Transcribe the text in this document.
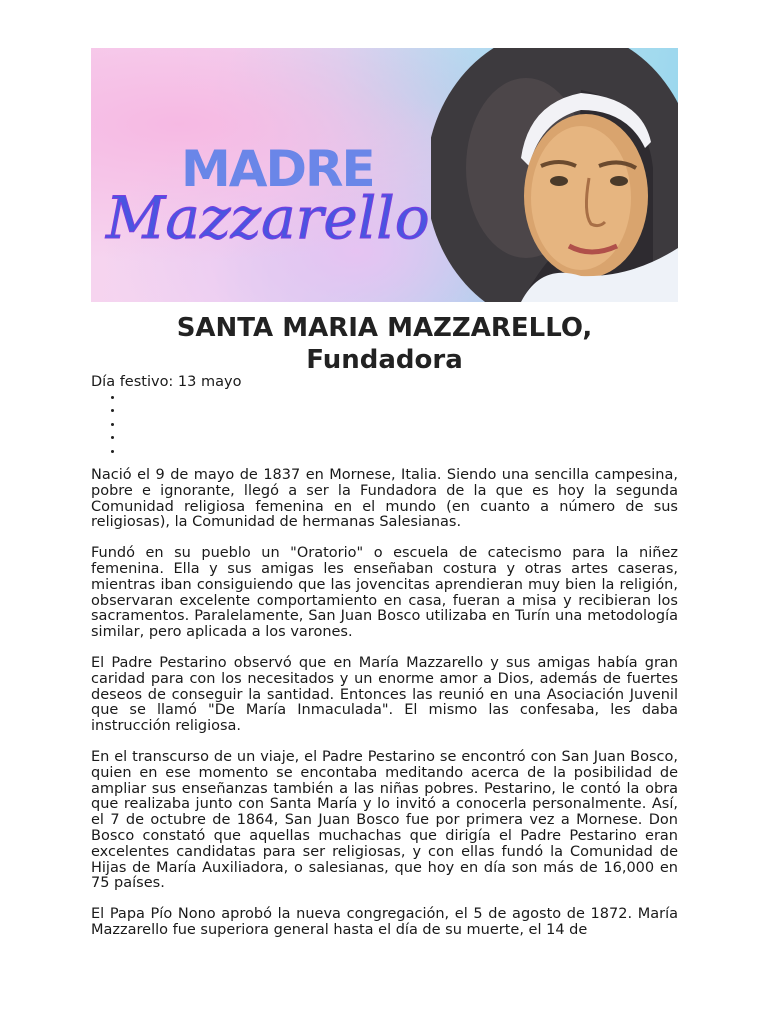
MADRE
Mazzarello
SANTA MARIA MAZZARELLO,
Fundadora
Día festivo: 13 mayo

Nació el 9 de mayo de 1837 en Mornese, Italia. Siendo una sencilla campesina, pobre e ignorante, llegó a ser la Fundadora de la que es hoy la segunda Comunidad religiosa femenina en el mundo (en cuanto a número de sus religiosas), la Comunidad de hermanas Salesianas.

Fundó en su pueblo un "Oratorio" o escuela de catecismo para la niñez femenina. Ella y sus amigas les enseñaban costura y otras artes caseras, mientras iban consiguiendo que las jovencitas aprendieran muy bien la religión, observaran excelente comportamiento en casa, fueran a misa y recibieran los sacramentos. Paralelamente, San Juan Bosco utilizaba en Turín una metodología similar, pero aplicada a los varones.

El Padre Pestarino observó que en María Mazzarello y sus amigas había gran caridad para con los necesitados y un enorme amor a Dios, además de fuertes deseos de conseguir la santidad. Entonces las reunió en una Asociación Juvenil que se llamó "De María Inmaculada". El mismo las confesaba, les daba instrucción religiosa.

En el transcurso de un viaje, el Padre Pestarino se encontró con San Juan Bosco, quien en ese momento se encontaba meditando acerca de la posibilidad de ampliar sus enseñanzas también a las niñas pobres. Pestarino, le contó la obra que realizaba junto con Santa María y lo invitó a conocerla personalmente. Así, el 7 de octubre de 1864, San Juan Bosco fue por primera vez a Mornese. Don Bosco constató que aquellas muchachas que dirigía el Padre Pestarino eran excelentes candidatas para ser religiosas, y con ellas fundó la Comunidad de Hijas de María Auxiliadora, o salesianas, que hoy en día son más de 16,000 en 75 países.

El Papa Pío Nono aprobó la nueva congregación, el 5 de agosto de 1872. María Mazzarello fue superiora general hasta el día de su muerte, el 14 de
